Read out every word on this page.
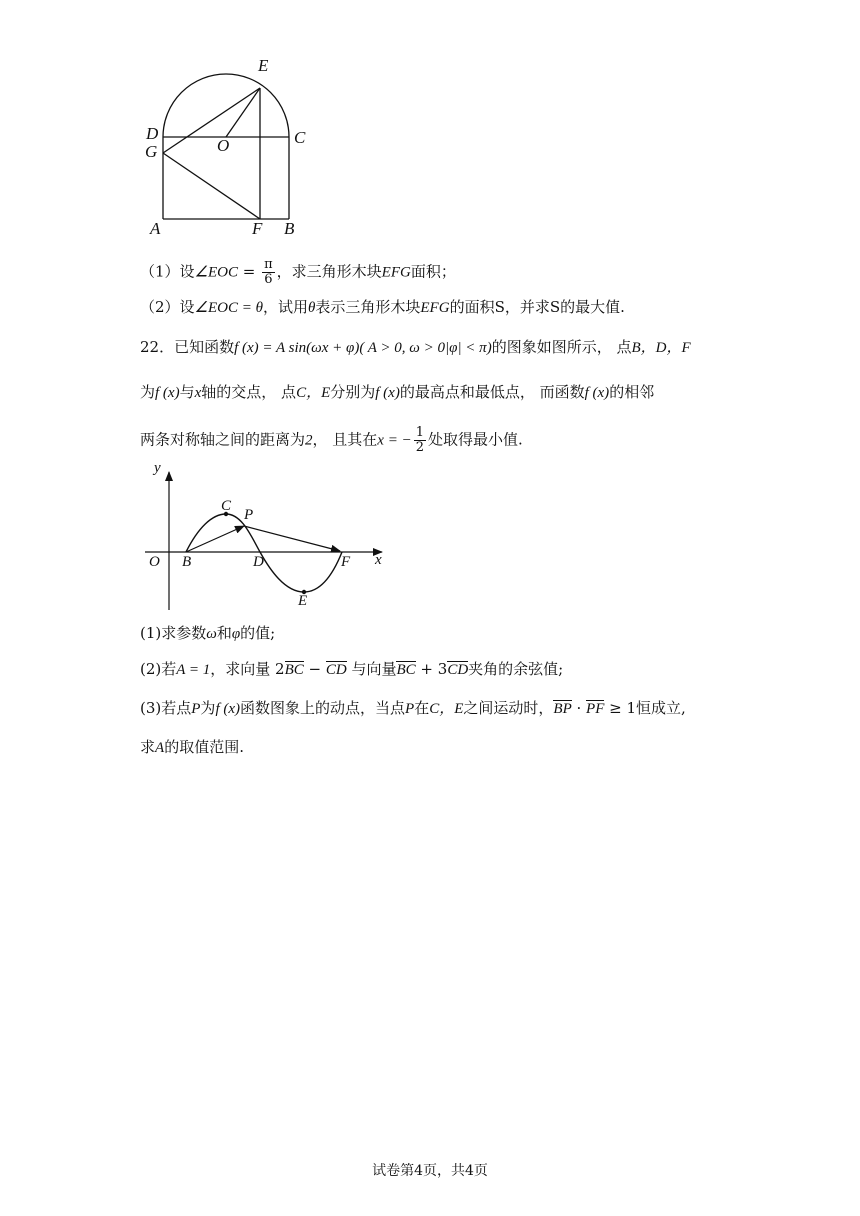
E
D	C
G	O
A	F B
（1）设∠EOC = $\frac{\pi}{6}$ ，求三角形木块EFG面积；
（2）设∠EOC = θ，试用θ表示三角形木块EFG的面积S，并求S的最大值.
22．已知函数f (x) = A sin(ωx + φ)( A > 0, ω > 0|φ| < π)的图象如图所示， 点B，D，F
为f (x)与x轴的交点， 点C，E分别为f (x)的最高点和最低点， 而函数f (x)的相邻
两条对称轴之间的距离为2， 且其在x = − $\frac{1}{2}$ 处取得最小值.
y
x
O B
C
P
D	F
E
(1)求参数ω和φ的值;
(2)若A = 1，求向量 2BC − CD 与向量BC + 3CD夹角的余弦值;
(3)若点P为f (x)函数图象上的动点，当点P在C，E之间运动时，BP · PF ≥ 1恒成立,
求A的取值范围.
试卷第4页，共4页
